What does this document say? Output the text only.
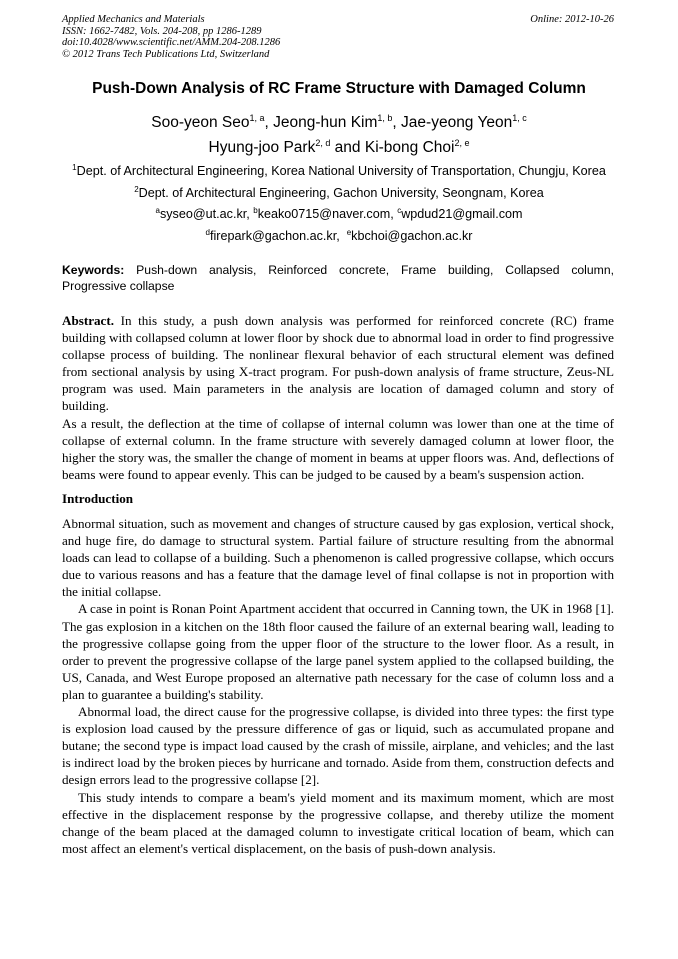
Applied Mechanics and Materials
ISSN: 1662-7482, Vols. 204-208, pp 1286-1289
doi:10.4028/www.scientific.net/AMM.204-208.1286
© 2012 Trans Tech Publications Ltd, Switzerland
Online: 2012-10-26
Push-Down Analysis of RC Frame Structure with Damaged Column
Soo-yeon Seo$^{1, a}$, Jeong-hun Kim$^{1, b}$, Jae-yeong Yeon$^{1, c}$
Hyung-joo Park$^{2, d}$ and Ki-bong Choi$^{2, e}$
$^1$Dept. of Architectural Engineering, Korea National University of Transportation, Chungju, Korea
$^2$Dept. of Architectural Engineering, Gachon University, Seongnam, Korea
$^a$syseo@ut.ac.kr, $^b$keako0715@naver.com, $^c$wpdud21@gmail.com
$^d$firepark@gachon.ac.kr, $^e$kbchoi@gachon.ac.kr
Keywords: Push-down analysis, Reinforced concrete, Frame building, Collapsed column, Progressive collapse

Abstract. In this study, a push down analysis was performed for reinforced concrete (RC) frame building with collapsed column at lower floor by shock due to abnormal load in order to find progressive collapse process of building. The nonlinear flexural behavior of each structural element was defined from sectional analysis by using X-tract program. For push-down analysis of frame structure, Zeus-NL program was used. Main parameters in the analysis are location of damaged column and story of building.

As a result, the deflection at the time of collapse of internal column was lower than one at the time of collapse of external column. In the frame structure with severely damaged column at lower floor, the higher the story was, the smaller the change of moment in beams at upper floors was. And, deflections of beams were found to appear evenly. This can be judged to be caused by a beam's suspension action.

Introduction

Abnormal situation, such as movement and changes of structure caused by gas explosion, vertical shock, and huge fire, do damage to structural system. Partial failure of structure resulting from the abnormal loads can lead to collapse of a building. Such a phenomenon is called progressive collapse, which occurs due to various reasons and has a feature that the damage level of final collapse is not in proportion with the initial collapse.

A case in point is Ronan Point Apartment accident that occurred in Canning town, the UK in 1968 [1]. The gas explosion in a kitchen on the 18th floor caused the failure of an external bearing wall, leading to the progressive collapse going from the upper floor of the structure to the lower floor. As a result, in order to prevent the progressive collapse of the large panel system applied to the collapsed building, the US, Canada, and West Europe proposed an alternative path necessary for the case of column loss and a plan to guarantee a building's stability.

Abnormal load, the direct cause for the progressive collapse, is divided into three types: the first type is explosion load caused by the pressure difference of gas or liquid, such as accumulated propane and butane; the second type is impact load caused by the crash of missile, airplane, and vehicles; and the last is indirect load by the broken pieces by hurricane and tornado. Aside from them, construction defects and design errors lead to the progressive collapse [2].

This study intends to compare a beam's yield moment and its maximum moment, which are most effective in the displacement response by the progressive collapse, and thereby utilize the moment change of the beam placed at the damaged column to investigate critical location of beam, which can most affect an element's vertical displacement, on the basis of push-down analysis.
